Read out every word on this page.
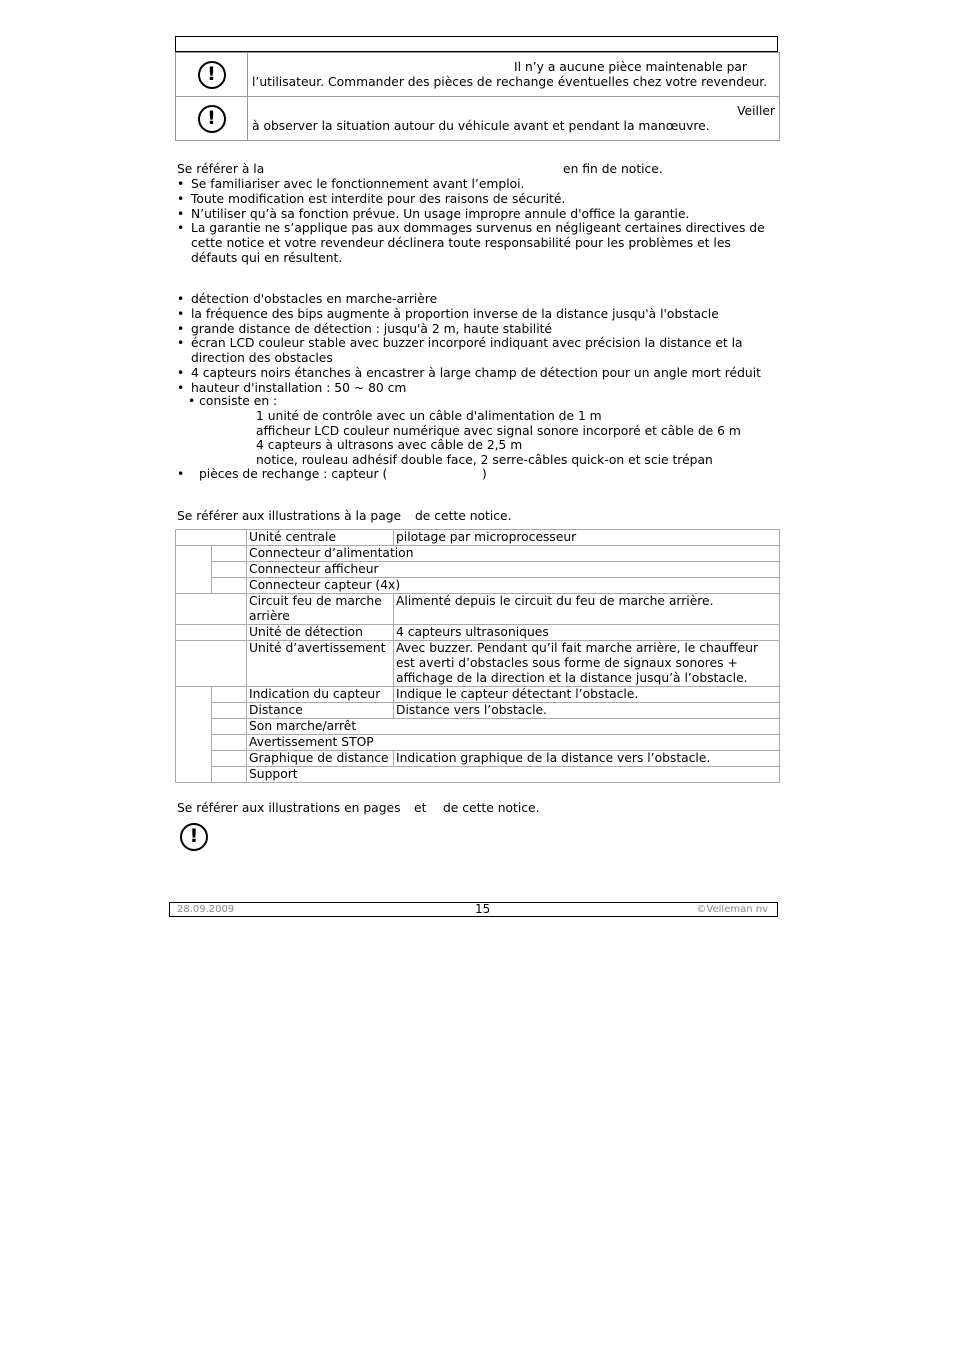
!	Il n’y a aucune pièce maintenable par
l’utilisateur. Commander des pièces de rechange éventuelles chez votre revendeur.

!	Veiller
à observer la situation autour du véhicule avant et pendant la manœuvre.
Se référer à la	en fin de notice.
• Se familiariser avec le fonctionnement avant l’emploi.
• Toute modification est interdite pour des raisons de sécurité.
• N’utiliser qu’à sa fonction prévue. Un usage impropre annule d'office la garantie.
• La garantie ne s’applique pas aux dommages survenus en négligeant certaines directives de cette notice et votre revendeur déclinera toute responsabilité pour les problèmes et les défauts qui en résultent.
• détection d'obstacles en marche-arrière
• la fréquence des bips augmente à proportion inverse de la distance jusqu'à l'obstacle
• grande distance de détection : jusqu'à 2 m, haute stabilité
• écran LCD couleur stable avec buzzer incorporé indiquant avec précision la distance et la direction des obstacles
• 4 capteurs noirs étanches à encastrer à large champ de détection pour un angle mort réduit
• hauteur d'installation : 50 ~ 80 cm
• consiste en :
1 unité de contrôle avec un câble d'alimentation de 1 m
afficheur LCD couleur numérique avec signal sonore incorporé et câble de 6 m
4 capteurs à ultrasons avec câble de 2,5 m
notice, rouleau adhésif double face, 2 serre-câbles quick-on et scie trépan
• pièces de rechange : capteur (	)
Se référer aux illustrations à la page de cette notice.
		Unité centrale	pilotage par microprocesseur
		Connecteur d’alimentation	
		Connecteur afficheur	
		Connecteur capteur (4x)	
		Circuit feu de marche arrière	Alimenté depuis le circuit du feu de marche arrière.
		Unité de détection	4 capteurs ultrasoniques
		Unité d’avertissement	Avec buzzer. Pendant qu’il fait marche arrière, le chauffeur est averti d’obstacles sous forme de signaux sonores + affichage de la direction et la distance jusqu’à l’obstacle.
		Indication du capteur	Indique le capteur détectant l’obstacle.
		Distance	Distance vers l’obstacle.
		Son marche/arrêt	
		Avertissement STOP	
		Graphique de distance	Indication graphique de la distance vers l’obstacle.
		Support	
Se référer aux illustrations en pages et de cette notice.
!
28.09.2009	15	©Velleman nv
